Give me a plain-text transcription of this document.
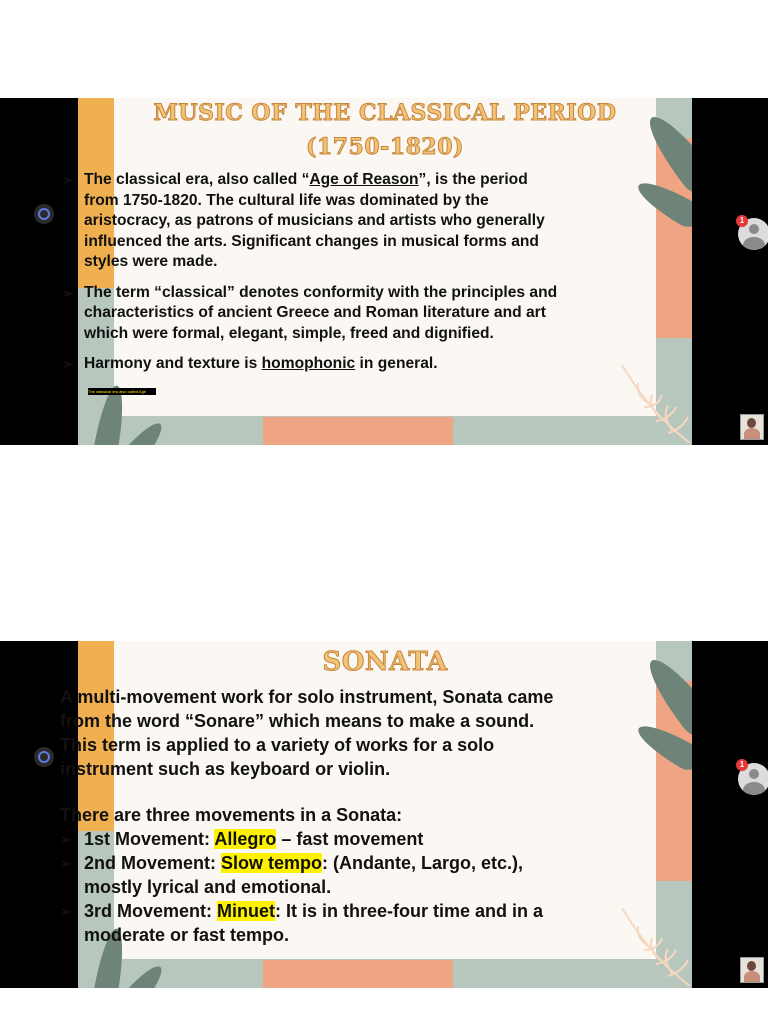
MUSIC OF THE CLASSICAL PERIOD
(1750-1820)
➢ The classical era, also called “Age of Reason”, is the period from 1750-1820. The cultural life was dominated by the aristocracy, as patrons of musicians and artists who generally influenced the arts. Significant changes in musical forms and styles were made.
➢ The term “classical” denotes conformity with the principles and characteristics of ancient Greece and Roman literature and art which were formal, elegant, simple, freed and dignified.
➢ Harmony and texture is homophonic in general.
The classical era also called Age
1
SONATA

A multi-movement work for solo instrument, Sonata came from the word “Sonare” which means to make a sound. This term is applied to a variety of works for a solo instrument such as keyboard or violin.

There are three movements in a Sonata:

➢ 1st Movement: Allegro – fast movement
➢ 2nd Movement: Slow tempo: (Andante, Largo, etc.), mostly lyrical and emotional.
➢ 3rd Movement: Minuet: It is in three-four time and in a moderate or fast tempo.
1
